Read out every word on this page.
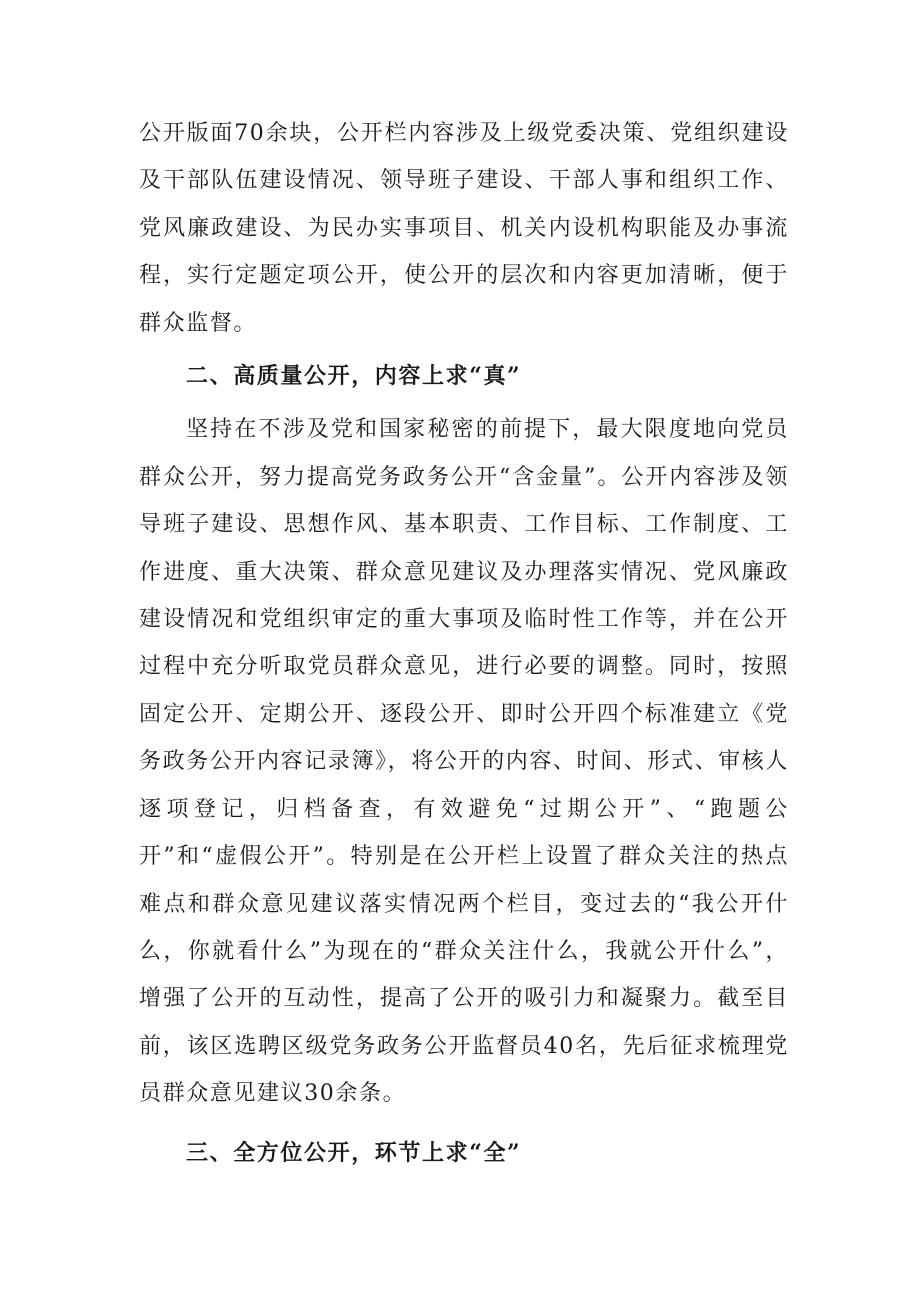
公开版面70余块，公开栏内容涉及上级党委决策、党组织建设及干部队伍建设情况、领导班子建设、干部人事和组织工作、党风廉政建设、为民办实事项目、机关内设机构职能及办事流程，实行定题定项公开，使公开的层次和内容更加清晰，便于群众监督。

二、高质量公开，内容上求“真”

坚持在不涉及党和国家秘密的前提下，最大限度地向党员群众公开，努力提高党务政务公开“含金量”。公开内容涉及领导班子建设、思想作风、基本职责、工作目标、工作制度、工作进度、重大决策、群众意见建议及办理落实情况、党风廉政建设情况和党组织审定的重大事项及临时性工作等，并在公开过程中充分听取党员群众意见，进行必要的调整。同时，按照固定公开、定期公开、逐段公开、即时公开四个标准建立《党务政务公开内容记录簿》，将公开的内容、时间、形式、审核人逐项登记，归档备查，有效避免“过期公开”、“跑题公开”和“虚假公开”。特别是在公开栏上设置了群众关注的热点难点和群众意见建议落实情况两个栏目，变过去的“我公开什么，你就看什么”为现在的“群众关注什么，我就公开什么”，增强了公开的互动性，提高了公开的吸引力和凝聚力。截至目前，该区选聘区级党务政务公开监督员40名，先后征求梳理党员群众意见建议30余条。

三、全方位公开，环节上求“全”
